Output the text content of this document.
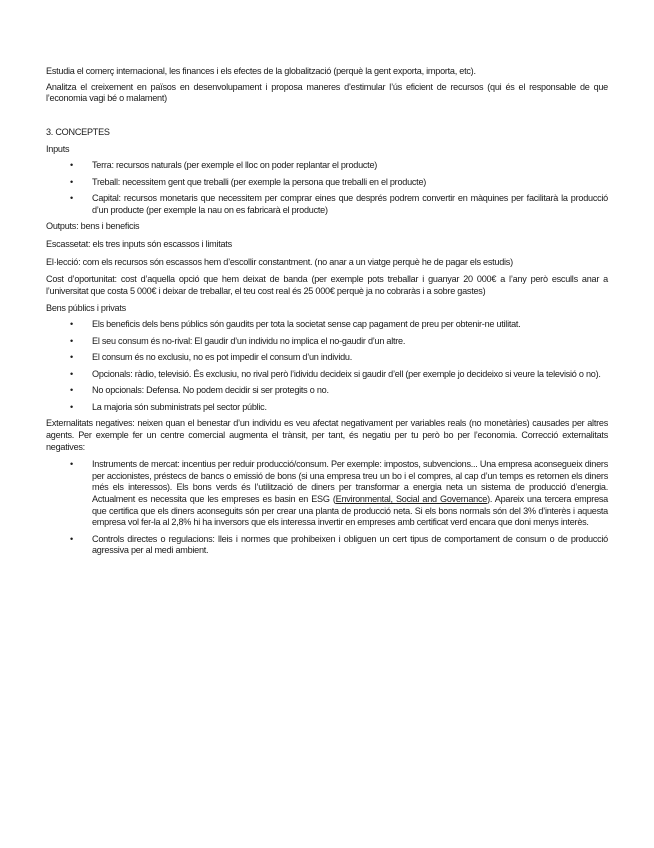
Estudia el comerç internacional, les finances i els efectes de la globalització (perquè la gent exporta, importa, etc).

Analitza el creixement en països en desenvolupament i proposa maneres d’estimular l’ús eficient de recursos (qui és el responsable de que l’economia vagi bé o malament)

3. CONCEPTES

Inputs

• Terra: recursos naturals (per exemple el lloc on poder replantar el producte)
• Treball: necessitem gent que treballi (per exemple la persona que treballi en el producte)
• Capital: recursos monetaris que necessitem per comprar eines que després podrem convertir en màquines per facilitarà la producció d’un producte (per exemple la nau on es fabricarà el producte)

Outputs: bens i beneficis

Escassetat: els tres inputs són escassos i limitats

El·lecció: com els recursos són escassos hem d’escollir constantment. (no anar a un viatge perquè he de pagar els estudis)

Cost d’oportunitat: cost d’aquella opció que hem deixat de banda (per exemple pots treballar i guanyar 20 000€ a l’any però esculls anar a l’universitat que costa 5 000€ i deixar de treballar, el teu cost real és 25 000€ perquè ja no cobraràs i a sobre gastes)

Bens públics i privats

• Els beneficis dels bens públics són gaudits per tota la societat sense cap pagament de preu per obtenir-ne utilitat.
• El seu consum és no-rival: El gaudir d’un individu no implica el no-gaudir d’un altre.
• El consum és no exclusiu, no es pot impedir el consum d’un individu.
• Opcionals: ràdio, televisió. És exclusiu, no rival però l’idividu decideix si gaudir d’ell (per exemple jo decideixo si veure la televisió o no).
• No opcionals: Defensa. No podem decidir si ser protegits o no.
• La majoria són subministrats pel sector públic.

Externalitats negatives: neixen quan el benestar d’un individu es veu afectat negativament per variables reals (no monetàries) causades per altres agents. Per exemple fer un centre comercial augmenta el trànsit, per tant, és negatiu per tu però bo per l’economia. Correcció externalitats negatives:

• Instruments de mercat: incentius per reduir producció/consum. Per exemple: impostos, subvencions... Una empresa aconsegueix diners per accionistes, préstecs de bancs o emissió de bons (si una empresa treu un bo i el compres, al cap d’un temps es retornen els diners més els interessos). Els bons verds és l’utilització de diners per transformar a energia neta un sistema de producció d’energia. Actualment es necessita que les empreses es basin en ESG (Environmental, Social and Governance). Apareix una tercera empresa que certifica que els diners aconseguits són per crear una planta de producció neta. Si els bons normals són del 3% d’interès i aquesta empresa vol fer-la al 2,8% hi ha inversors que els interessa invertir en empreses amb certificat verd encara que doni menys interès.
• Controls directes o regulacions: lleis i normes que prohibeixen i obliguen un cert tipus de comportament de consum o de producció agressiva per al medi ambient.
